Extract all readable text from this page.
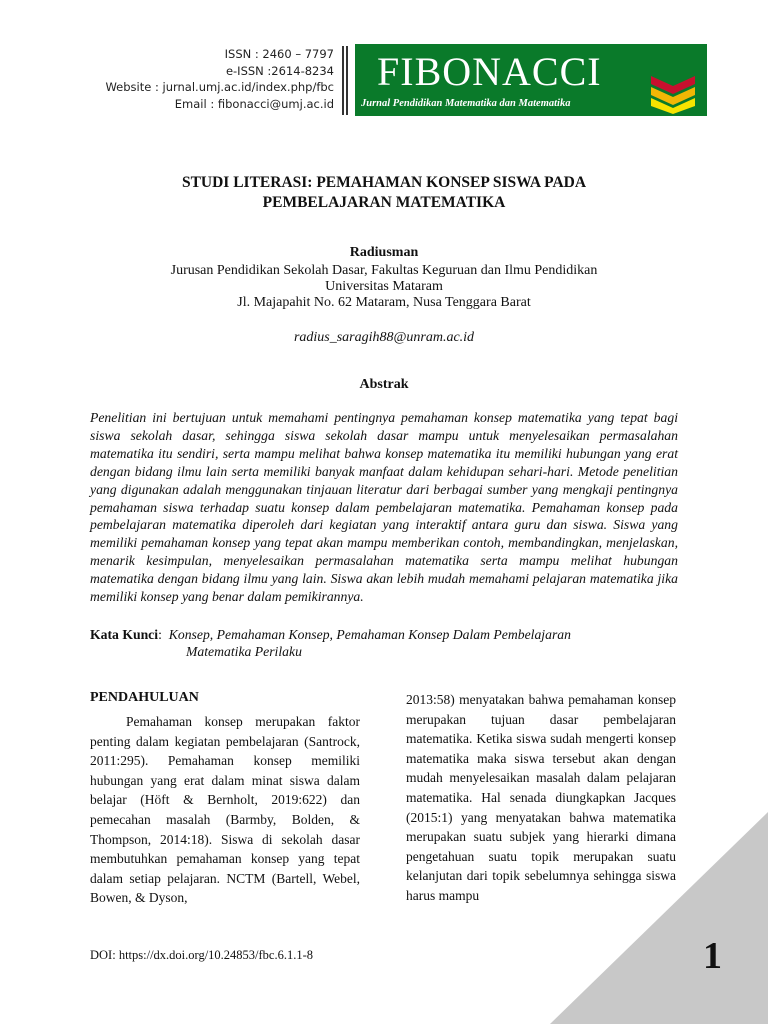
ISSN : 2460 – 7797
e-ISSN :2614-8234
Website : jurnal.umj.ac.id/index.php/fbc
Email : fibonacci@umj.ac.id
FIBONACCI
Jurnal Pendidikan Matematika dan Matematika
STUDI LITERASI: PEMAHAMAN KONSEP SISWA PADA
PEMBELAJARAN MATEMATIKA
Radiusman
Jurusan Pendidikan Sekolah Dasar, Fakultas Keguruan dan Ilmu Pendidikan
Universitas Mataram
Jl. Majapahit No. 62 Mataram, Nusa Tenggara Barat
radius_saragih88@unram.ac.id
Abstrak

Penelitian ini bertujuan untuk memahami pentingnya pemahaman konsep matematika yang tepat bagi siswa sekolah dasar, sehingga siswa sekolah dasar mampu untuk menyelesaikan permasalahan matematika itu sendiri, serta mampu melihat bahwa konsep matematika itu memiliki hubungan yang erat dengan bidang ilmu lain serta memiliki banyak manfaat dalam kehidupan sehari-hari. Metode penelitian yang digunakan adalah menggunakan tinjauan literatur dari berbagai sumber yang mengkaji pentingnya pemahaman siswa terhadap suatu konsep dalam pembelajaran matematika. Pemahaman konsep pada pembelajaran matematika diperoleh dari kegiatan yang interaktif antara guru dan siswa. Siswa yang memiliki pemahaman konsep yang tepat akan mampu memberikan contoh, membandingkan, menjelaskan, menarik kesimpulan, menyelesaikan permasalahan matematika serta mampu melihat hubungan matematika dengan bidang ilmu yang lain. Siswa akan lebih mudah memahami pelajaran matematika jika memiliki konsep yang benar dalam pemikirannya.

Kata Kunci: Konsep, Pemahaman Konsep, Pemahaman Konsep Dalam Pembelajaran
Matematika Perilaku
PENDAHULUAN

Pemahaman konsep merupakan faktor penting dalam kegiatan pembelajaran (Santrock, 2011:295). Pemahaman konsep memiliki hubungan yang erat dalam minat siswa dalam belajar (Höft & Bernholt, 2019:622) dan pemecahan masalah (Barmby, Bolden, & Thompson, 2014:18). Siswa di sekolah dasar membutuhkan pemahaman konsep yang tepat dalam setiap pelajaran. NCTM (Bartell, Webel, Bowen, & Dyson,

2013:58) menyatakan bahwa pemahaman konsep merupakan tujuan dasar pembelajaran matematika. Ketika siswa sudah mengerti konsep matematika maka siswa tersebut akan dengan mudah menyelesaikan masalah dalam pelajaran matematika. Hal senada diungkapkan Jacques (2015:1) yang menyatakan bahwa matematika merupakan suatu subjek yang hierarki dimana pengetahuan suatu topik merupakan suatu kelanjutan dari topik sebelumnya sehingga siswa harus mampu

DOI: https://dx.doi.org/10.24853/fbc.6.1.1-8	1
